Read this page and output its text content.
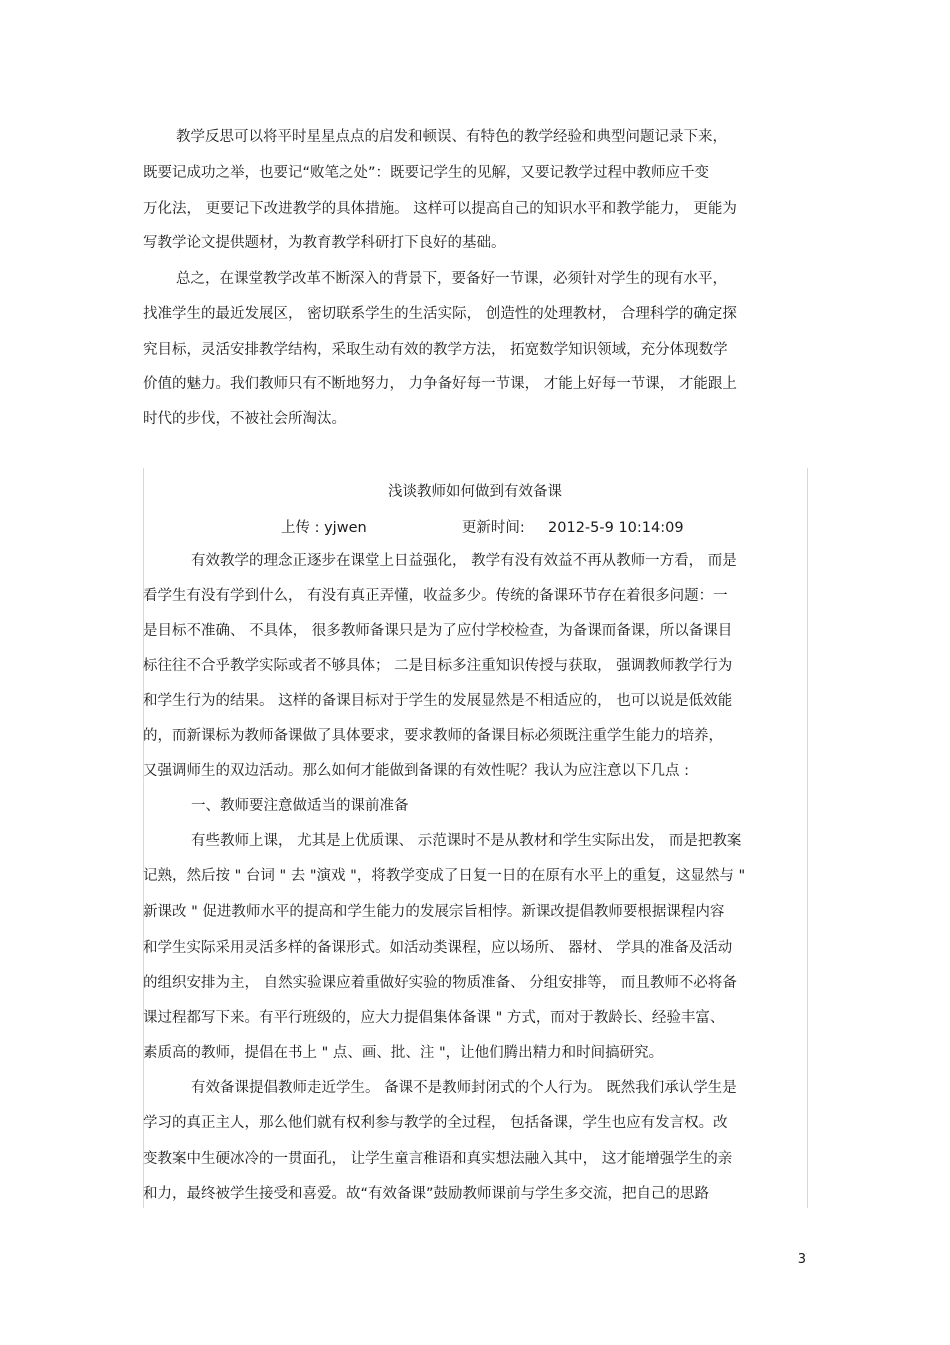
教学反思可以将平时星星点点的启发和顿误、有特色的教学经验和典型问题记录下来，
既要记成功之举，也要记“败笔之处”：既要记学生的见解，又要记教学过程中教师应千变
万化法， 更要记下改进教学的具体措施。 这样可以提高自己的知识水平和教学能力， 更能为
写教学论文提供题材，为教育教学科研打下良好的基础。
总之，在课堂教学改革不断深入的背景下，要备好一节课，必须针对学生的现有水平，
找准学生的最近发展区， 密切联系学生的生活实际， 创造性的处理教材， 合理科学的确定探
究目标，灵活安排教学结构，采取生动有效的教学方法， 拓宽数学知识领域，充分体现数学
价值的魅力。我们教师只有不断地努力， 力争备好每一节课， 才能上好每一节课， 才能跟上
时代的步伐，不被社会所淘汰。
浅谈教师如何做到有效备课
上传 : yjwen	更新时间: 2012-5-9 10:14:09
有效教学的理念正逐步在课堂上日益强化， 教学有没有效益不再从教师一方看， 而是
看学生有没有学到什么， 有没有真正弄懂，收益多少。传统的备课环节存在着很多问题：一
是目标不准确、 不具体， 很多教师备课只是为了应付学校检查，为备课而备课，所以备课目
标往往不合乎教学实际或者不够具体； 二是目标多注重知识传授与获取， 强调教师教学行为
和学生行为的结果。 这样的备课目标对于学生的发展显然是不相适应的， 也可以说是低效能
的，而新课标为教师备课做了具体要求，要求教师的备课目标必须既注重学生能力的培养，
又强调师生的双边活动。那么如何才能做到备课的有效性呢？我认为应注意以下几点 :
一、教师要注意做适当的课前准备
有些教师上课， 尤其是上优质课、 示范课时不是从教材和学生实际出发， 而是把教案
记熟，然后按 " 台词 " 去 "演戏 "，将教学变成了日复一日的在原有水平上的重复，这显然与 "
新课改 " 促进教师水平的提高和学生能力的发展宗旨相悖。新课改提倡教师要根据课程内容
和学生实际采用灵活多样的备课形式。如活动类课程，应以场所、 器材、 学具的准备及活动
的组织安排为主， 自然实验课应着重做好实验的物质准备、 分组安排等， 而且教师不必将备
课过程都写下来。有平行班级的，应大力提倡集体备课 " 方式，而对于教龄长、经验丰富、
素质高的教师，提倡在书上 " 点、画、批、注 "，让他们腾出精力和时间搞研究。
有效备课提倡教师走近学生。 备课不是教师封闭式的个人行为。 既然我们承认学生是
学习的真正主人，那么他们就有权利参与教学的全过程， 包括备课，学生也应有发言权。改
变教案中生硬冰冷的一贯面孔， 让学生童言稚语和真实想法融入其中， 这才能增强学生的亲
和力，最终被学生接受和喜爱。故“有效备课”鼓励教师课前与学生多交流，把自己的思路
3
